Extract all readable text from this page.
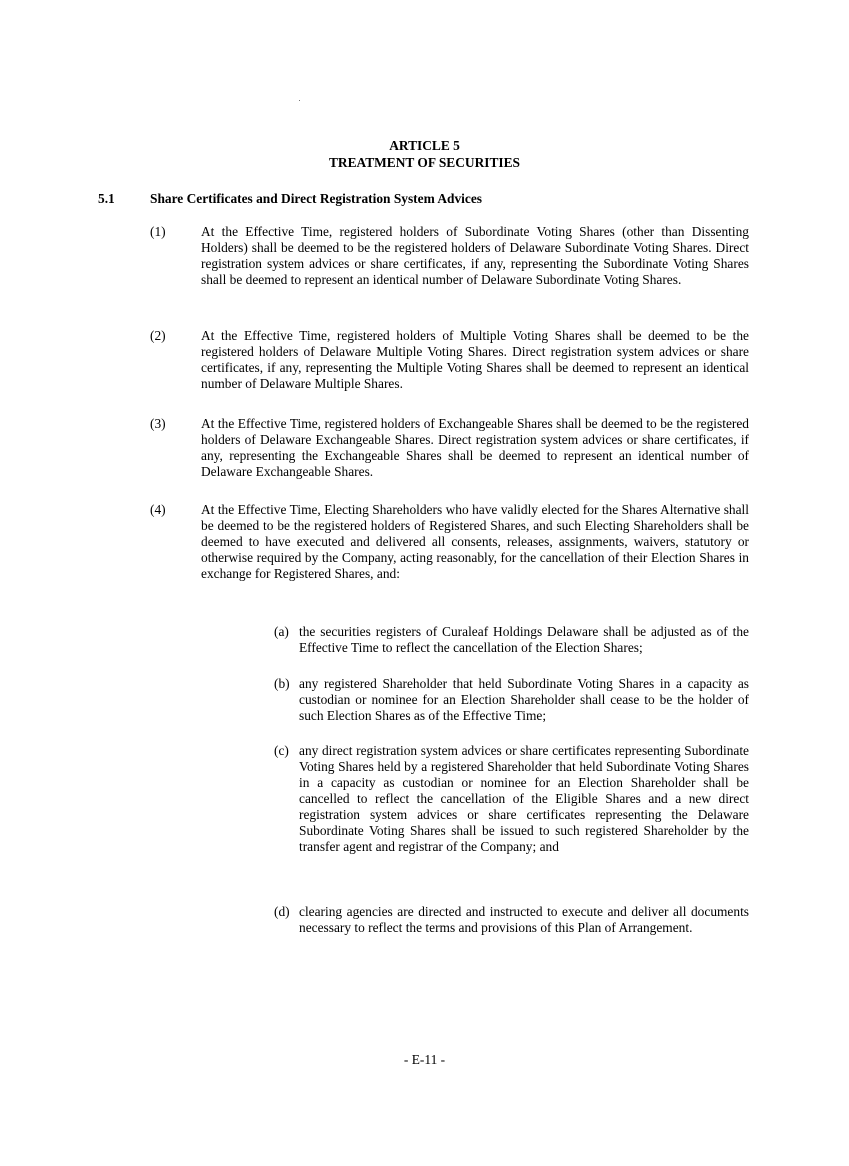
ARTICLE 5
TREATMENT OF SECURITIES
5.1	Share Certificates and Direct Registration System Advices
(1)	At the Effective Time, registered holders of Subordinate Voting Shares (other than Dissenting Holders) shall be deemed to be the registered holders of Delaware Subordinate Voting Shares. Direct registration system advices or share certificates, if any, representing the Subordinate Voting Shares shall be deemed to represent an identical number of Delaware Subordinate Voting Shares.
(2)	At the Effective Time, registered holders of Multiple Voting Shares shall be deemed to be the registered holders of Delaware Multiple Voting Shares. Direct registration system advices or share certificates, if any, representing the Multiple Voting Shares shall be deemed to represent an identical number of Delaware Multiple Shares.
(3)	At the Effective Time, registered holders of Exchangeable Shares shall be deemed to be the registered holders of Delaware Exchangeable Shares. Direct registration system advices or share certificates, if any, representing the Exchangeable Shares shall be deemed to represent an identical number of Delaware Exchangeable Shares.
(4)	At the Effective Time, Electing Shareholders who have validly elected for the Shares Alternative shall be deemed to be the registered holders of Registered Shares, and such Electing Shareholders shall be deemed to have executed and delivered all consents, releases, assignments, waivers, statutory or otherwise required by the Company, acting reasonably, for the cancellation of their Election Shares in exchange for Registered Shares, and:
(a) the securities registers of Curaleaf Holdings Delaware shall be adjusted as of the Effective Time to reflect the cancellation of the Election Shares;
(b) any registered Shareholder that held Subordinate Voting Shares in a capacity as custodian or nominee for an Election Shareholder shall cease to be the holder of such Election Shares as of the Effective Time;
(c) any direct registration system advices or share certificates representing Subordinate Voting Shares held by a registered Shareholder that held Subordinate Voting Shares in a capacity as custodian or nominee for an Election Shareholder shall be cancelled to reflect the cancellation of the Eligible Shares and a new direct registration system advices or share certificates representing the Delaware Subordinate Voting Shares shall be issued to such registered Shareholder by the transfer agent and registrar of the Company; and
(d) clearing agencies are directed and instructed to execute and deliver all documents necessary to reflect the terms and provisions of this Plan of Arrangement.
- E-11 -
